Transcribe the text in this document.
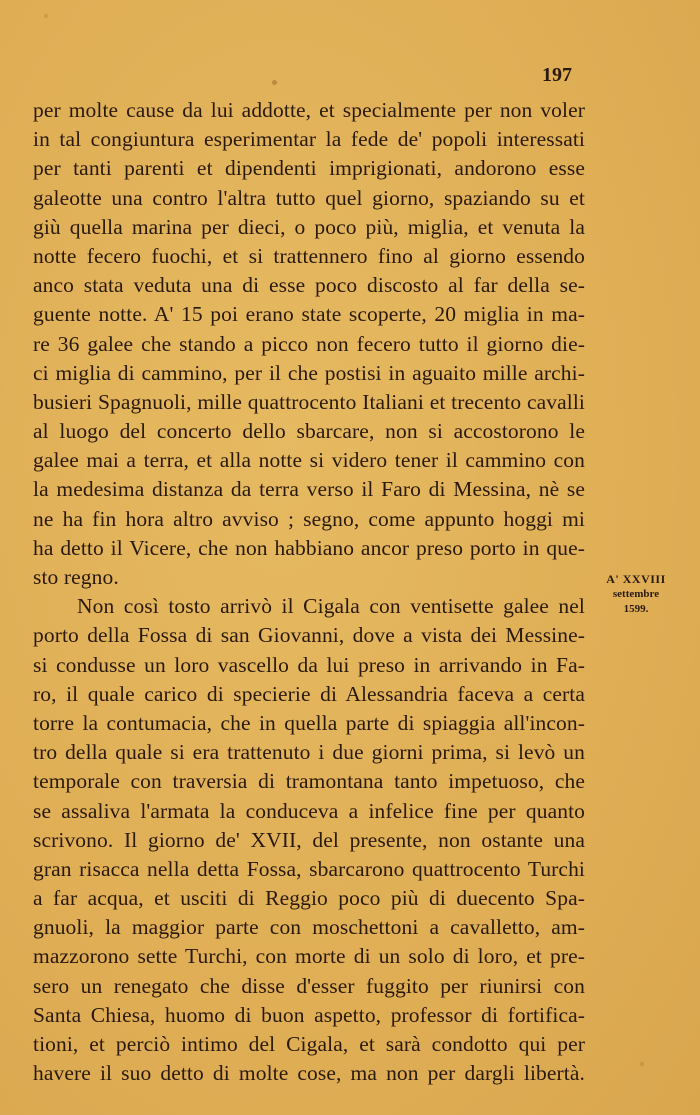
197
per molte cause da lui addotte, et specialmente per non voler
in tal congiuntura esperimentar la fede de' popoli interessati
per tanti parenti et dipendenti imprigionati, andorono esse
galeotte una contro l'altra tutto quel giorno, spaziando su et
giù quella marina per dieci, o poco più, miglia, et venuta la
notte fecero fuochi, et si trattennero fino al giorno essendo
anco stata veduta una di esse poco discosto al far della se-
guente notte. A' 15 poi erano state scoperte, 20 miglia in ma-
re 36 galee che stando a picco non fecero tutto il giorno die-
ci miglia di cammino, per il che postisi in aguaito mille archi-
busieri Spagnuoli, mille quattrocento Italiani et trecento cavalli
al luogo del concerto dello sbarcare, non si accostorono le
galee mai a terra, et alla notte si videro tener il cammino con
la medesima distanza da terra verso il Faro di Messina, nè se
ne ha fin hora altro avviso ; segno, come appunto hoggi mi
ha detto il Vicere, che non habbiano ancor preso porto in que-
sto regno.
Non così tosto arrivò il Cigala con ventisette galee nel
porto della Fossa di san Giovanni, dove a vista dei Messine-
si condusse un loro vascello da lui preso in arrivando in Fa-
ro, il quale carico di specierie di Alessandria faceva a certa
torre la contumacia, che in quella parte di spiaggia all'incon-
tro della quale si era trattenuto i due giorni prima, si levò un
temporale con traversia di tramontana tanto impetuoso, che
se assaliva l'armata la conduceva a infelice fine per quanto
scrivono. Il giorno de' XVII, del presente, non ostante una
gran risacca nella detta Fossa, sbarcarono quattrocento Turchi
a far acqua, et usciti di Reggio poco più di duecento Spa-
gnuoli, la maggior parte con moschettoni a cavalletto, am-
mazzorono sette Turchi, con morte di un solo di loro, et pre-
sero un renegato che disse d'esser fuggito per riunirsi con
Santa Chiesa, huomo di buon aspetto, professor di fortifica-
tioni, et perciò intimo del Cigala, et sarà condotto qui per
havere il suo detto di molte cose, ma non per dargli libertà.
A' XXVIII
settembre
1599.
